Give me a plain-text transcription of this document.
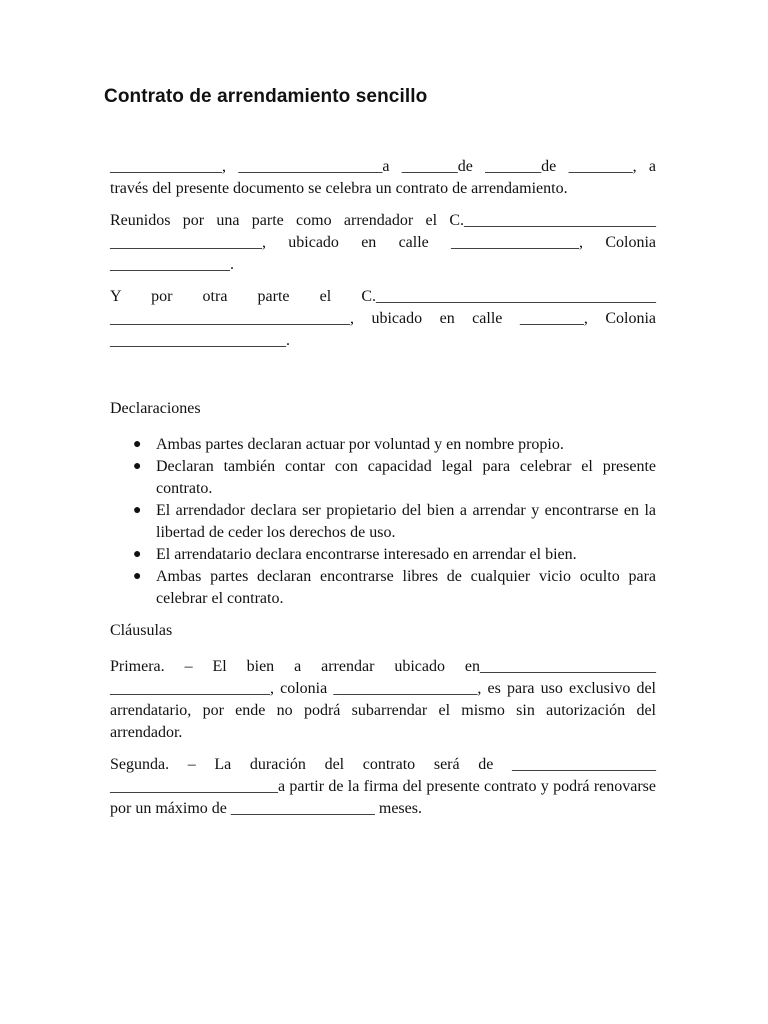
Contrato de arrendamiento sencillo

______________, __________________a _______de _______de ________, a través del presente documento se celebra un contrato de arrendamiento.

Reunidos por una parte como arrendador el C.________________________ ___________________, ubicado en calle ________________, Colonia _______________.

Y por otra parte el C.___________________________________ ______________________________, ubicado en calle ________, Colonia ______________________.

Declaraciones

● Ambas partes declaran actuar por voluntad y en nombre propio.
● Declaran también contar con capacidad legal para celebrar el presente contrato.
● El arrendador declara ser propietario del bien a arrendar y encontrarse en la libertad de ceder los derechos de uso.
● El arrendatario declara encontrarse interesado en arrendar el bien.
● Ambas partes declaran encontrarse libres de cualquier vicio oculto para celebrar el contrato.

Cláusulas

Primera. – El bien a arrendar ubicado en______________________ ____________________, colonia __________________, es para uso exclusivo del arrendatario, por ende no podrá subarrendar el mismo sin autorización del arrendador.

Segunda. – La duración del contrato será de __________________ _____________________a partir de la firma del presente contrato y podrá renovarse por un máximo de __________________ meses.
